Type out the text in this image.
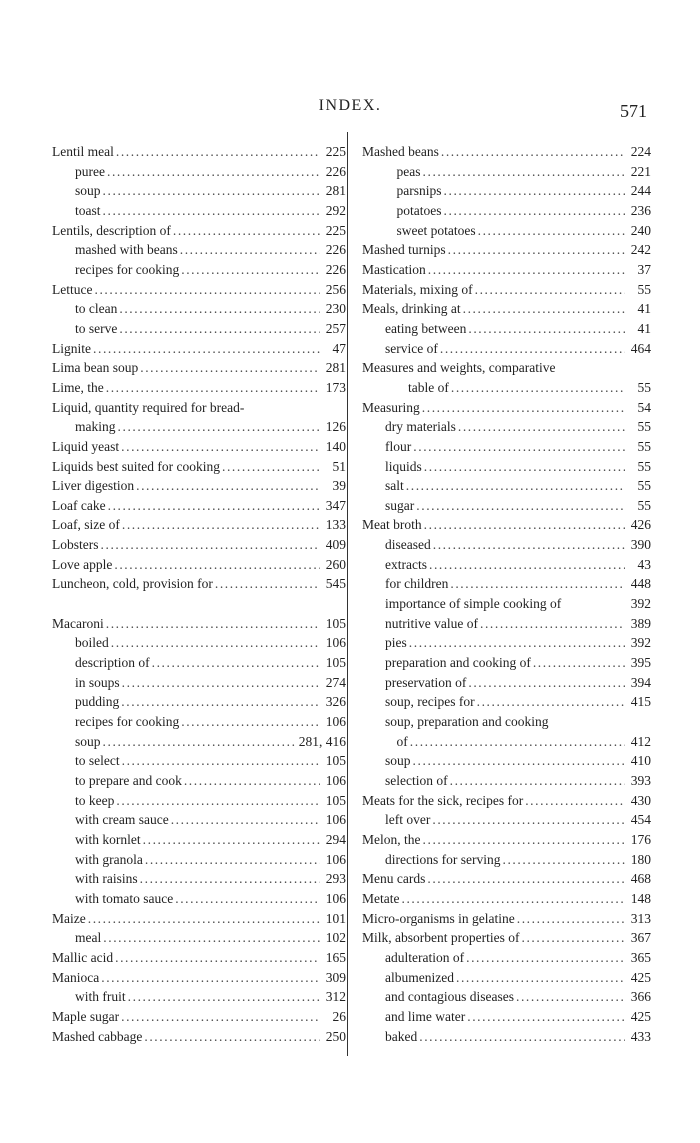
INDEX.	571
Lentil meal .....	225
puree .....	226
soup .....	281
toast .....	292
Lentils, description of .....	225
mashed with beans .....	226
recipes for cooking .....	226
Lettuce .....	256
to clean .....	230
to serve .....	257
Lignite .....	47
Lima bean soup .....	281
Lime, the .....	173
Liquid, quantity required for bread-
making .....	126
Liquid yeast .....	140
Liquids best suited for cooking .....	51
Liver digestion .....	39
Loaf cake .....	347
Loaf, size of .....	133
Lobsters .....	409
Love apple .....	260
Luncheon, cold, provision for .....	545
Macaroni .....	105
boiled .....	106
description of .....	105
in soups .....	274
pudding .....	326
recipes for cooking .....	106
soup .....	281, 416
to select .....	105
to prepare and cook .....	106
to keep .....	105
with cream sauce .....	106
with kornlet .....	294
with granola .....	106
with raisins .....	293
with tomato sauce .....	106
Maize .....	101
meal .....	102
Mallic acid .....	165
Manioca .....	309
with fruit .....	312
Maple sugar .....	26
Mashed cabbage .....	250
Mashed beans .....	224
peas .....	221
parsnips .....	244
potatoes .....	236
sweet potatoes .....	240
Mashed turnips .....	242
Mastication .....	37
Materials, mixing of .....	55
Meals, drinking at .....	41
eating between .....	41
service of .....	464
Measures and weights, comparative
table of .....	55
Measuring .....	54
dry materials .....	55
flour .....	55
liquids .....	55
salt .....	55
sugar .....	55
Meat broth .....	426
diseased .....	390
extracts .....	43
for children .....	448
importance of simple cooking of	392
nutritive value of .....	389
pies .....	392
preparation and cooking of .....	395
preservation of .....	394
soup, recipes for .....	415
soup, preparation and cooking
of .....	412
soup .....	410
selection of .....	393
Meats for the sick, recipes for .....	430
left over .....	454
Melon, the .....	176
directions for serving .....	180
Menu cards .....	468
Metate .....	148
Micro-organisms in gelatine .....	313
Milk, absorbent properties of .....	367
adulteration of .....	365
albumenized .....	425
and contagious diseases .....	366
and lime water .....	425
baked .....	433
